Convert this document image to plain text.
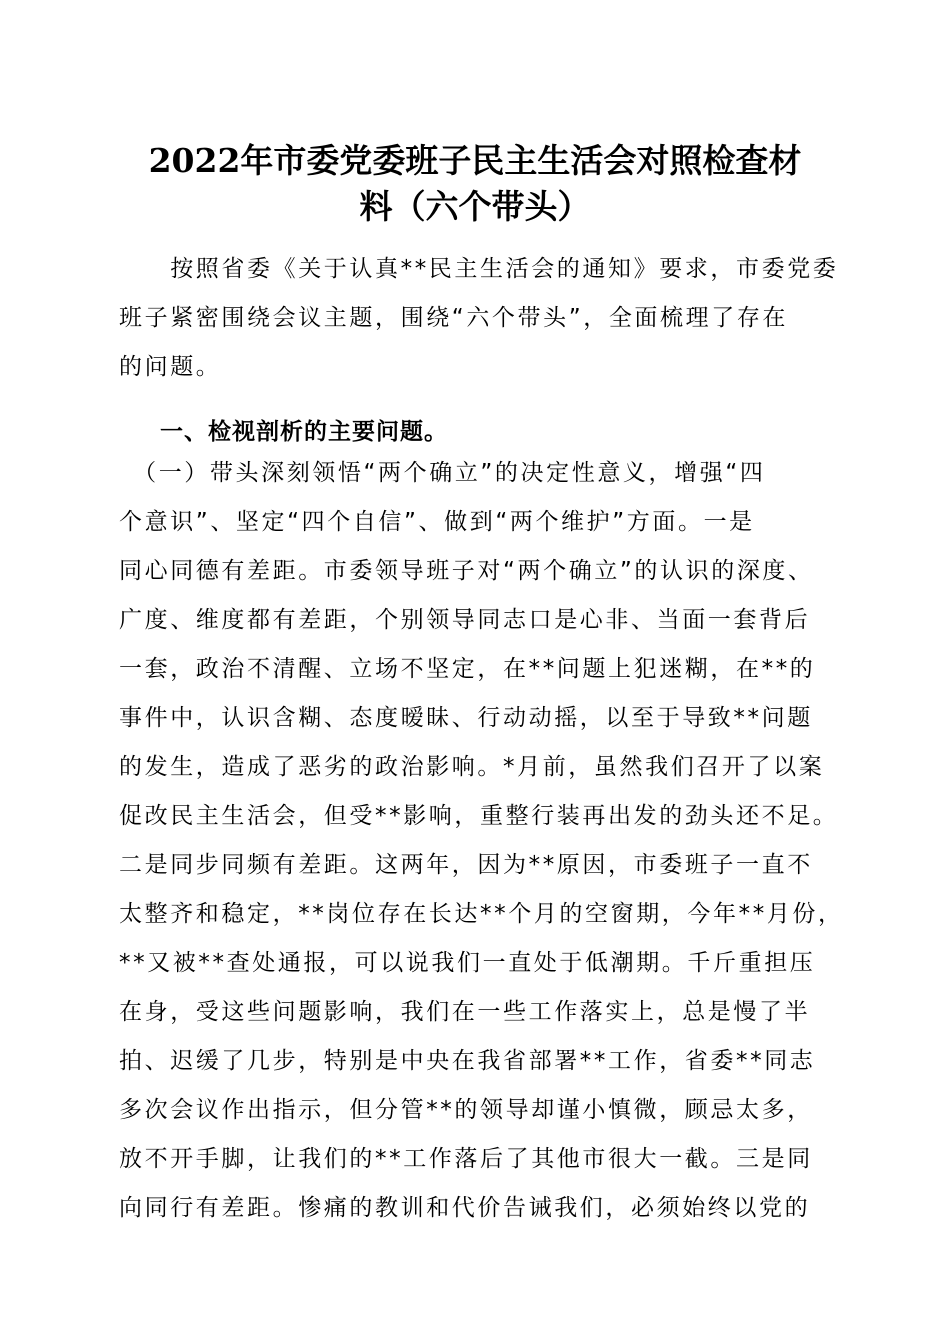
2022年市委党委班子民主生活会对照检查材
料（六个带头）
　　按照省委《关于认真**民主生活会的通知》要求，市委党委
班子紧密围绕会议主题，围绕“六个带头”，全面梳理了存在
的问题。
一、检视剖析的主要问题。
　（一）带头深刻领悟“两个确立”的决定性意义，增强“四
个意识”、坚定“四个自信”、做到“两个维护”方面。一是
同心同德有差距。市委领导班子对“两个确立”的认识的深度、
广度、维度都有差距，个别领导同志口是心非、当面一套背后
一套，政治不清醒、立场不坚定，在**问题上犯迷糊，在**的
事件中，认识含糊、态度暧昧、行动动摇，以至于导致**问题
的发生，造成了恶劣的政治影响。*月前，虽然我们召开了以案
促改民主生活会，但受**影响，重整行装再出发的劲头还不足。
二是同步同频有差距。这两年，因为**原因，市委班子一直不
太整齐和稳定，**岗位存在长达**个月的空窗期，今年**月份，
**又被**查处通报，可以说我们一直处于低潮期。千斤重担压
在身，受这些问题影响，我们在一些工作落实上，总是慢了半
拍、迟缓了几步，特别是中央在我省部署**工作，省委**同志
多次会议作出指示，但分管**的领导却谨小慎微，顾忌太多，
放不开手脚，让我们的**工作落后了其他市很大一截。三是同
向同行有差距。惨痛的教训和代价告诫我们，必须始终以党的
